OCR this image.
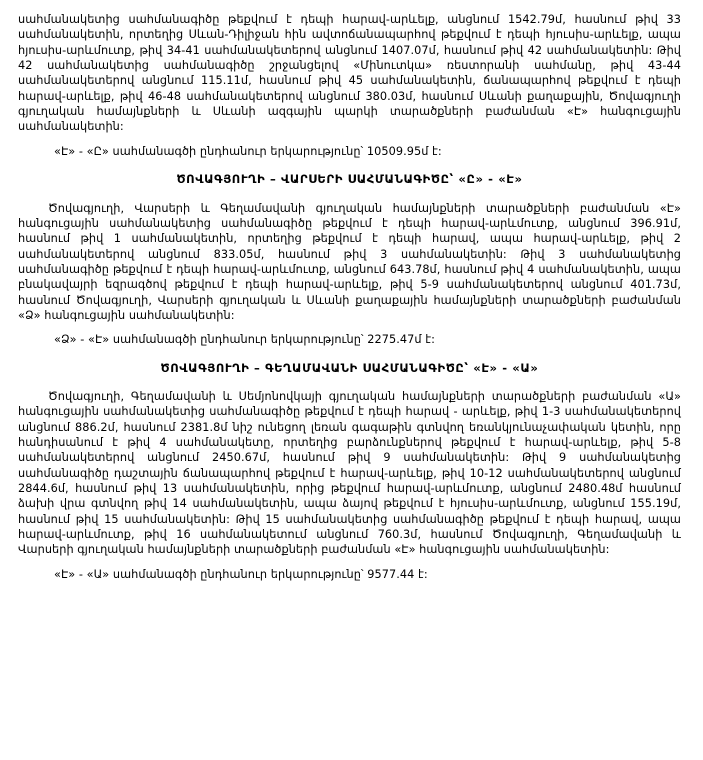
սահմանակետից սահմանագիծը թեքվում է դեպի հարավ-արևելք, անցնում 1542.79մ, հասնում թիվ 33 սահմանակետին, որտեղից Սևան-Դիլիջան հին ավտոճանապարհով թեքվում է դեպի հյուսիս-արևելք, ապա հյուսիս-արևմուտք, թիվ 34-41 սահմանակետերով անցնում 1407.07մ, հասնում թիվ 42 սահմանակետին: Թիվ 42 սահմանակետից սահմանագիծը շրջանցելով «Մինուտկա» ռեստորանի սահմանը, թիվ 43-44 սահմանակետերով անցնում 115.11մ, հասնում թիվ 45 սահմանակետին, ճանապարհով թեքվում է դեպի հարավ-արևելք, թիվ 46-48 սահմանակետերով անցնում 380.03մ, հասնում Սևանի քաղաքային, Ծովագյուղի գյուղական համայնքների և Սևանի ազգային պարկի տարածքների բաժանման «Է» հանգուցային սահմանակետին:

«Է» - «Ը» սահմանագծի ընդհանուր երկարությունը՝ 10509.95մ է:

ԾՈՎԱԳՅՈՒՂԻ – ՎԱՐՍԵՐԻ ՍԱՀՄԱՆԱԳԻԾԸ՝ «Ը» - «Է»

Ծովագյուղի, Վարսերի և Գեղամավանի գյուղական համայնքների տարածքների բաժանման «Է» հանգուցային սահմանակետից սահմանագիծը թեքվում է դեպի հարավ-արևմուտք, անցնում 396.91մ, հասնում թիվ 1 սահմանակետին, որտեղից թեքվում է դեպի հարավ, ապա հարավ-արևելք, թիվ 2 սահմանակետերով անցնում 833.05մ, հասնում թիվ 3 սահմանակետին: Թիվ 3 սահմանակետից սահմանագիծը թեքվում է դեպի հարավ-արևմուտք, անցնում 643.78մ, հասնում թիվ 4 սահմանակետին, ապա բնակավայրի եզրագծով թեքվում է դեպի հարավ-արևելք, թիվ 5-9 սահմանակետերով անցնում 401.73մ, հասնում Ծովագյուղի, Վարսերի գյուղական և Սևանի քաղաքային համայնքների տարածքների բաժանման «Ձ» հանգուցային սահմանակետին:

«Ձ» - «Է» սահմանագծի ընդհանուր երկարությունը՝ 2275.47մ է:

ԾՈՎԱԳՅՈՒՂԻ – ԳԵՂԱՄԱՎԱՆԻ ՍԱՀՄԱՆԱԳԻԾԸ՝ «Է» - «Ա»

Ծովագյուղի, Գեղամավանի և Սեմյոնովկայի գյուղական համայնքների տարածքների բաժանման «Ա» հանգուցային սահմանակետից սահմանագիծը թեքվում է դեպի հարավ - արևելք, թիվ 1-3 սահմանակետերով անցնում 886.2մ, հասնում 2381.8մ նիշ ունեցող լեռան գագաթին գտնվող եռանկյունաչափական կետին, որը հանդիսանում է թիվ 4 սահմանակետը, որտեղից բարձունքներով թեքվում է հարավ-արևելք, թիվ 5-8 սահմանակետերով անցնում 2450.67մ, հասնում թիվ 9 սահմանակետին: Թիվ 9 սահմանակետից սահմանագիծը դաշտային ճանապարհով թեքվում է հարավ-արևելք, թիվ 10-12 սահմանակետերով անցնում 2844.6մ, հասնում թիվ 13 սահմանակետին, որից թեքվում հարավ-արևմուտք, անցնում 2480.48մ հասնում ձախի վրա գտնվող թիվ 14 սահմանակետին, ապա ձայով թեքվում է հյուսիս-արևմուտք, անցնում 155.19մ, հասնում թիվ 15 սահմանակետին: Թիվ 15 սահմանակետից սահմանագիծը թեքվում է դեպի հարավ, ապա հարավ-արևմուտք, թիվ 16 սահմանակետում անցնում 760.3մ, հասնում Ծովագյուղի, Գեղամավանի և Վարսերի գյուղական համայնքների տարածքների բաժանման «Է» հանգուցային սահմանակետին:

«Է» - «Ա» սահմանագծի ընդհանուր երկարությունը՝ 9577.44 է:
